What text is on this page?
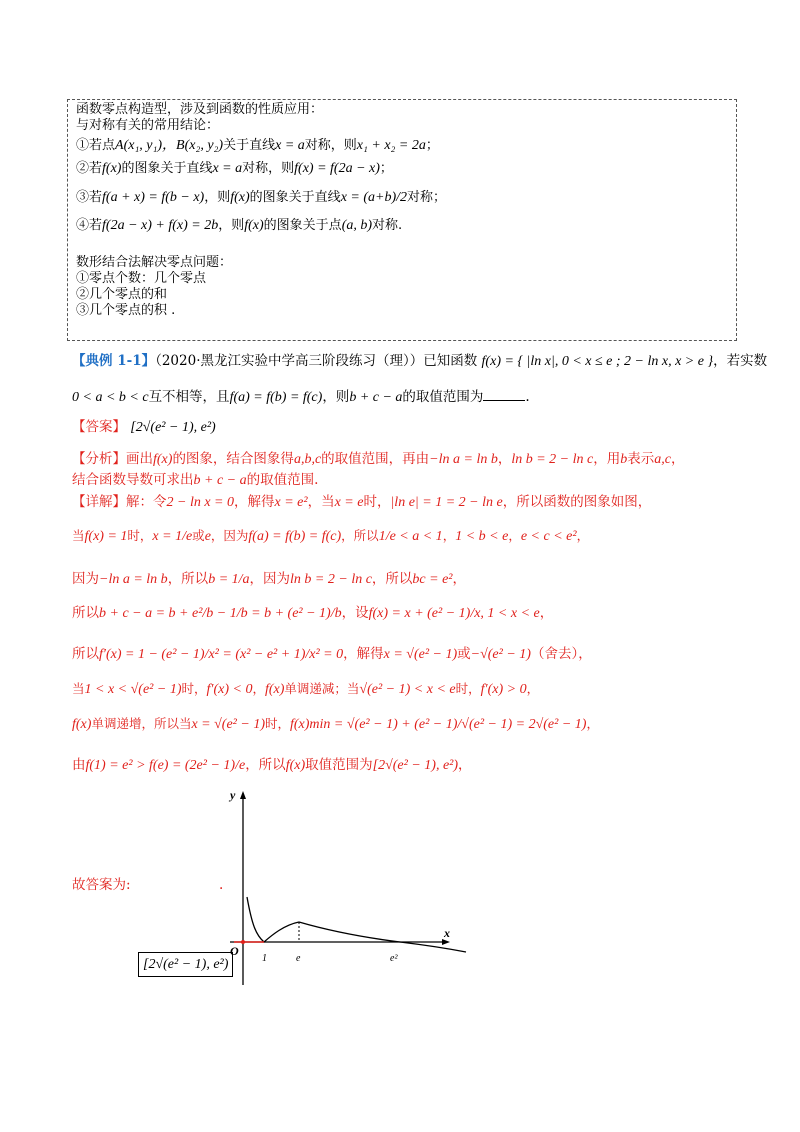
函数零点构造型，涉及到函数的性质应用：
与对称有关的常用结论：
①若点A(x₁, y₁)，B(x₂, y₂)关于直线x = a对称，则x₁ + x₂ = 2a；
②若f(x)的图象关于直线x = a对称，则f(x) = f(2a − x)；
③若f(a + x) = f(b − x)，则f(x)的图象关于直线x = (a+b)/2对称；
④若f(2a − x) + f(x) = 2b，则f(x)的图象关于点(a, b)对称.
数形结合法解决零点问题：
①零点个数：几个零点
②几个零点的和
③几个零点的积 .
【典例 1-1】（2020·黑龙江实验中学高三阶段练习（理））已知函数 f(x) = { |ln x|, 0 < x ≤ e ; 2 − ln x, x > e }，若实数
0 < a < b < c互不相等，且f(a) = f(b) = f(c)，则b + c − a的取值范围为	.
【答案】 [2√(e² − 1), e²)
【分析】画出f(x)的图象，结合图象得a,b,c的取值范围，再由−ln a = ln b，ln b = 2 − ln c，用b表示a,c，
结合函数导数可求出b + c − a的取值范围.
【详解】解：令2 − ln x = 0，解得x = e²，当x = e时，|ln e| = 1 = 2 − ln e，所以函数的图象如图，
当f(x) = 1时，x = 1/e或e，因为f(a) = f(b) = f(c)，所以1/e < a < 1，1 < b < e，e < c < e²，
因为−ln a = ln b，所以b = 1/a，因为ln b = 2 − ln c，所以bc = e²，
所以b + c − a = b + e²/b − 1/b = b + (e² − 1)/b，设f(x) = x + (e² − 1)/x, 1 < x < e，
所以f′(x) = 1 − (e² − 1)/x² = (x² − e² + 1)/x² = 0，解得x = √(e² − 1)或−√(e² − 1)（舍去），
当1 < x < √(e² − 1)时，f′(x) < 0，f(x)单调递减；当√(e² − 1) < x < e时，f′(x) > 0，
f(x)单调递增，所以当x = √(e² − 1)时，f(x)min = √(e² − 1) + (e² − 1)/√(e² − 1) = 2√(e² − 1)，
由f(1) = e² > f(e) = (2e² − 1)/e，所以f(x)取值范围为[2√(e² − 1), e²)，
故答案为:	.
[2√(e² − 1), e²)
y
x
O
1	e	e²
